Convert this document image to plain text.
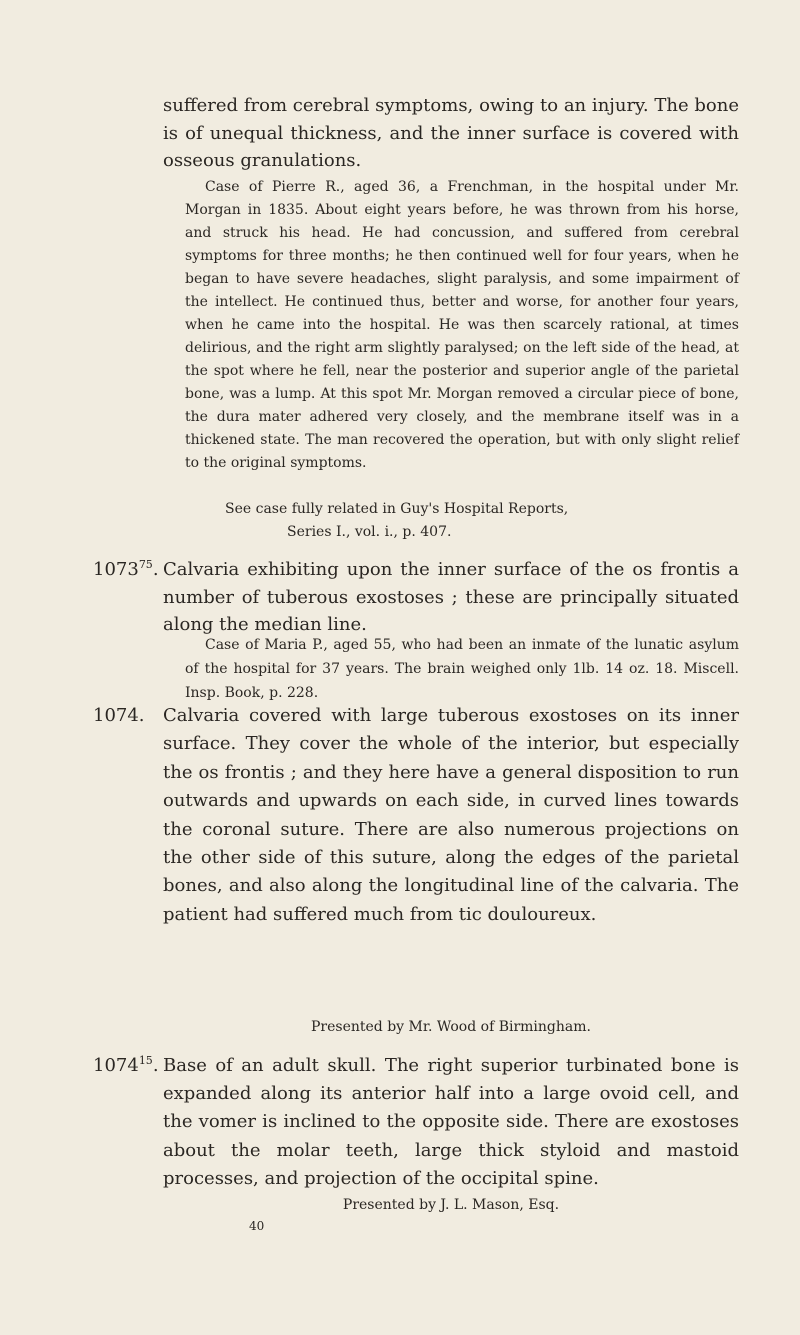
suffered from cerebral symptoms, owing to an injury. The bone is of unequal thickness, and the inner surface is covered with osseous granulations.

Case of Pierre R., aged 36, a Frenchman, in the hospital under Mr. Morgan in 1835. About eight years before, he was thrown from his horse, and struck his head. He had concussion, and suffered from cerebral symptoms for three months; he then continued well for four years, when he began to have severe headaches, slight paralysis, and some impairment of the intellect. He continued thus, better and worse, for another four years, when he came into the hospital. He was then scarcely rational, at times delirious, and the right arm slightly paralysed; on the left side of the head, at the spot where he fell, near the posterior and superior angle of the parietal bone, was a lump. At this spot Mr. Morgan removed a circular piece of bone, the dura mater adhered very closely, and the membrane itself was in a thickened state. The man recovered the operation, but with only slight relief to the original symptoms.

See case fully related in Guy's Hospital Reports,

Series I., vol. i., p. 407.

1073$^{75}$. Calvaria exhibiting upon the inner surface of the os frontis a number of tuberous exostoses ; these are principally situated along the median line.

Case of Maria P., aged 55, who had been an inmate of the lunatic asylum of the hospital for 37 years. The brain weighed only 1lb. 14 oz. 18. Miscell. Insp. Book, p. 228.

1074. Calvaria covered with large tuberous exostoses on its inner surface. They cover the whole of the interior, but especially the os frontis ; and they here have a general disposition to run outwards and upwards on each side, in curved lines towards the coronal suture. There are also numerous projections on the other side of this suture, along the edges of the parietal bones, and also along the longitudinal line of the calvaria. The patient had suffered much from tic douloureux.

Presented by Mr. Wood of Birmingham.

1074$^{15}$. Base of an adult skull. The right superior turbinated bone is expanded along its anterior half into a large ovoid cell, and the vomer is inclined to the opposite side. There are exostoses about the molar teeth, large thick styloid and mastoid processes, and projection of the occipital spine.

Presented by J. L. Mason, Esq.

40
